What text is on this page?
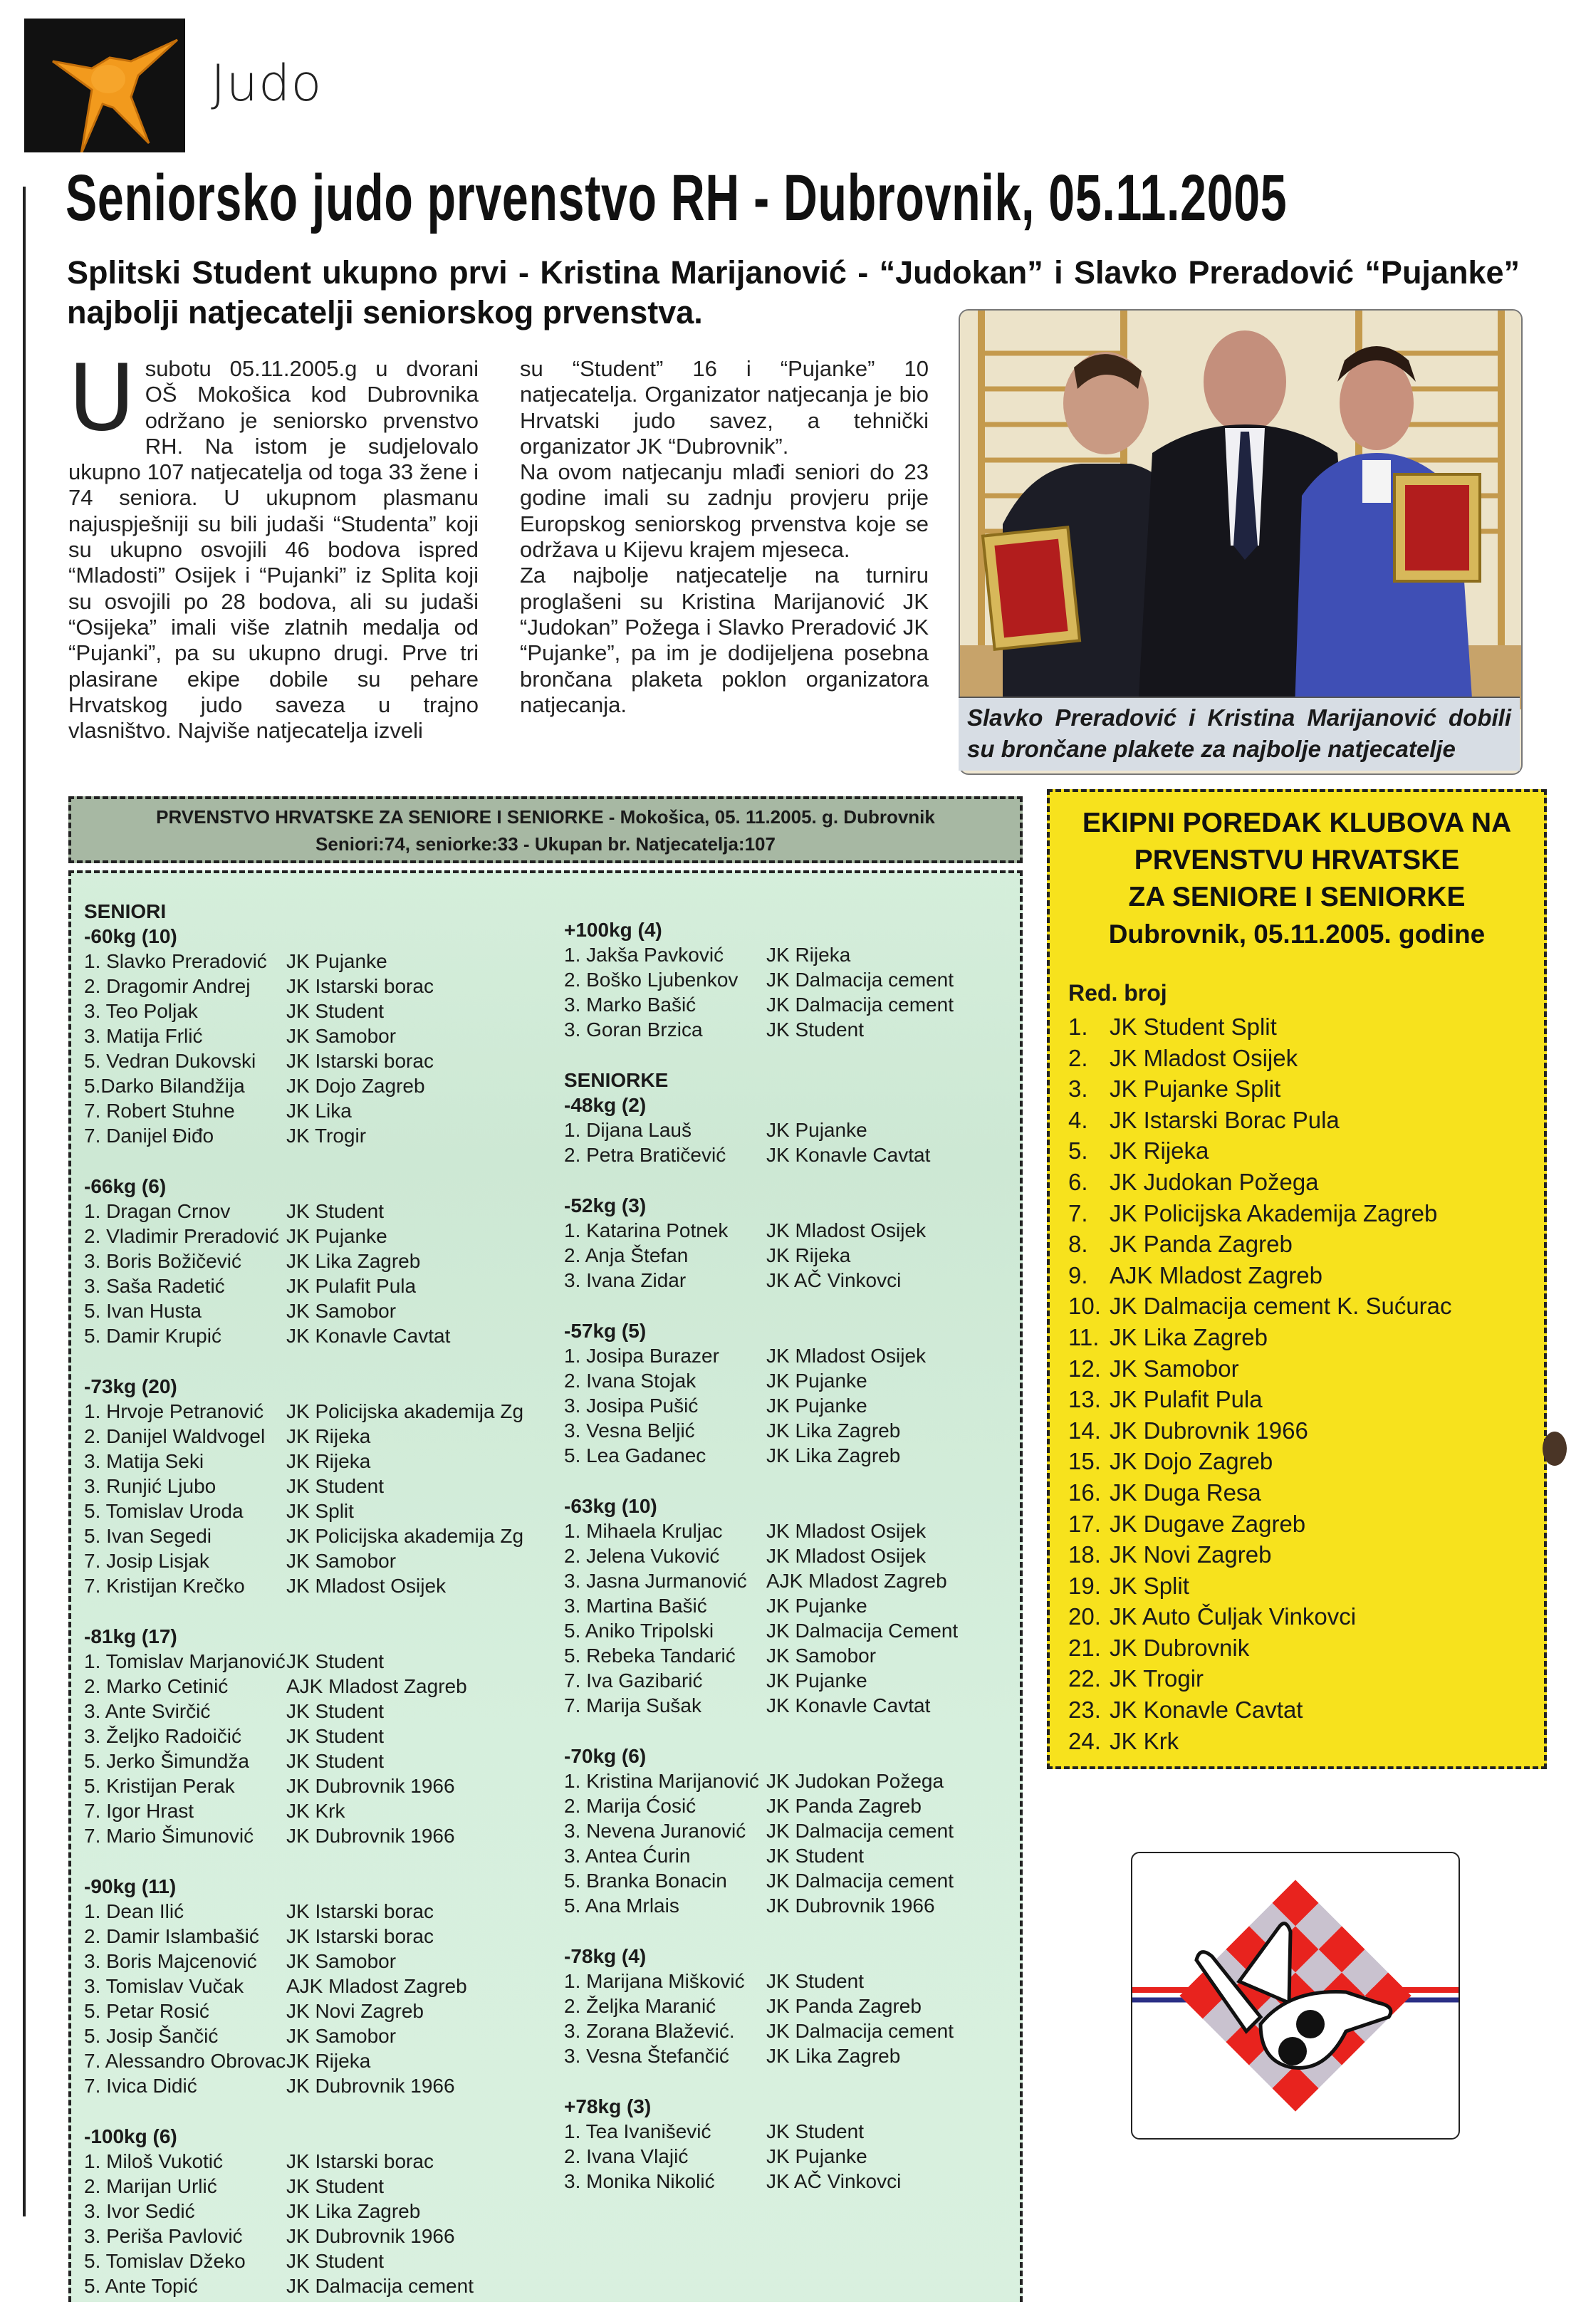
Judo
Seniorsko judo prvenstvo RH - Dubrovnik, 05.11.2005
Splitski Student ukupno prvi - Kristina Marijanović - “Judokan” i Slavko Preradović “Pujanke” najbolji natjecatelji seniorskog prvenstva.
U subotu 05.11.2005.g u dvorani OŠ Mokošica kod Dubrovnika održano je seniorsko prvenstvo RH. Na istom je sudjelovalo ukupno 107 natjecatelja od toga 33 žene i 74 seniora. U ukupnom plasmanu najuspješniji su bili judaši “Studenta” koji su ukupno osvojili 46 bodova ispred “Mladosti” Osijek i “Pujanki” iz Splita koji su osvojili po 28 bodova, ali su judaši “Osijeka” imali više zlatnih medalja od “Pujanki”, pa su ukupno drugi. Prve tri plasirane ekipe dobile su pehare Hrvatskog judo saveza u trajno vlasništvo. Najviše natjecatelja izveli
su “Student” 16 i “Pujanke” 10 natjecatelja. Organizator natjecanja je bio Hrvatski judo savez, a tehnički organizator JK “Dubrovnik”.
Na ovom natjecanju mlađi seniori do 23 godine imali su zadnju provjeru prije Europskog seniorskog prvenstva koje se održava u Kijevu krajem mjeseca.
Za najbolje natjecatelje na turniru proglašeni su Kristina Marijanović JK “Judokan” Požega i Slavko Preradović JK “Pujanke”, pa im je dodijeljena posebna brončana plaketa poklon organizatora natjecanja.	Slavko Preradović i Kristina Marijanović dobili su brončane plakete za najbolje natjecatelje
PRVENSTVO HRVATSKE ZA SENIORE I SENIORKE - Mokošica, 05. 11.2005. g. Dubrovnik
Seniori:74, seniorke:33 - Ukupan br. Natjecatelja:107
SENIORI
-60kg (10)
1. Slavko Preradović JK Pujanke
2. Dragomir Andrej	JK Istarski borac
3. Teo Poljak	JK Student
3. Matija Frlić	JK Samobor
5. Vedran Dukovski	JK Istarski borac
5.Darko Bilandžija	JK Dojo Zagreb
7. Robert Stuhne	JK Lika
7. Danijel Điđo	JK Trogir
-66kg (6)
1. Dragan Crnov	JK Student
2. Vladimir Preradović JK Pujanke
3. Boris Božičević	JK Lika Zagreb
3. Saša Radetić	JK Pulafit Pula
5. Ivan Husta	JK Samobor
5. Damir Krupić	JK Konavle Cavtat
-73kg (20)
1. Hrvoje Petranović	JK Policijska akademija Zg
2. Danijel Waldvogel	JK Rijeka
3. Matija Seki	JK Rijeka
3. Runjić Ljubo	JK Student
5. Tomislav Uroda	JK Split
5. Ivan Segedi	JK Policijska akademija Zg
7. Josip Lisjak	JK Samobor
7. Kristijan Krečko	JK Mladost Osijek
-81kg (17)
1. Tomislav Marjanović JK Student
2. Marko Cetinić	AJK Mladost Zagreb
3. Ante Svirčić	JK Student
3. Željko Radoičić	JK Student
5. Jerko Šimundža	JK Student
5. Kristijan Perak	JK Dubrovnik 1966
7. Igor Hrast	JK Krk
7. Mario Šimunović	JK Dubrovnik 1966
-90kg (11)
1. Dean Ilić	JK Istarski borac
2. Damir Islambašić	JK Istarski borac
3. Boris Majcenović	JK Samobor
3. Tomislav Vučak	AJK Mladost Zagreb
5. Petar Rosić	JK Novi Zagreb
5. Josip Šančić	JK Samobor
7. Alessandro Obrovac JK Rijeka
7. Ivica Didić	JK Dubrovnik 1966
-100kg (6)
1. Miloš Vukotić	JK Istarski borac
2. Marijan Urlić	JK Student
3. Ivor Sedić	JK Lika Zagreb
3. Periša Pavlović	JK Dubrovnik 1966
5. Tomislav Džeko	JK Student
5. Ante Topić	JK Dalmacija cement
+100kg (4)
1. Jakša Pavković	JK Rijeka
2. Boško Ljubenkov	JK Dalmacija cement
3. Marko Bašić	JK Dalmacija cement
3. Goran Brzica	JK Student
SENIORKE
-48kg (2)
1. Dijana Lauš	JK Pujanke
2. Petra Bratičević	JK Konavle Cavtat
-52kg (3)
1. Katarina Potnek	JK Mladost Osijek
2. Anja Štefan	JK Rijeka
3. Ivana Zidar	JK AČ Vinkovci
-57kg (5)
1. Josipa Burazer	JK Mladost Osijek
2. Ivana Stojak	JK Pujanke
3. Josipa Pušić	JK Pujanke
3. Vesna Beljić	JK Lika Zagreb
5. Lea Gadanec	JK Lika Zagreb
-63kg (10)
1. Mihaela Kruljac	JK Mladost Osijek
2. Jelena Vuković	JK Mladost Osijek
3. Jasna Jurmanović AJK Mladost Zagreb
3. Martina Bašić	JK Pujanke
5. Aniko Tripolski	JK Dalmacija Cement
5. Rebeka Tandarić	JK Samobor
7. Iva Gazibarić	JK Pujanke
7. Marija Sušak	JK Konavle Cavtat
-70kg (6)
1. Kristina Marijanović JK Judokan Požega
2. Marija Ćosić	JK Panda Zagreb
3. Nevena Juranović	JK Dalmacija cement
3. Antea Ćurin	JK Student
5. Branka Bonacin	JK Dalmacija cement
5. Ana Mrlais	JK Dubrovnik 1966
-78kg (4)
1. Marijana Mišković	JK Student
2. Željka Maranić	JK Panda Zagreb
3. Zorana Blažević.	JK Dalmacija cement
3. Vesna Štefančić	JK Lika Zagreb
+78kg (3)
1. Tea Ivanišević	JK Student
2. Ivana Vlajić	JK Pujanke
3. Monika Nikolić	JK AČ Vinkovci
EKIPNI POREDAK KLUBOVA NA
PRVENSTVU HRVATSKE
ZA SENIORE I SENIORKE
Dubrovnik, 05.11.2005. godine
Red. broj
1. JK Student Split
2. JK Mladost Osijek
3. JK Pujanke Split
4. JK Istarski Borac Pula
5. JK Rijeka
6. JK Judokan Požega
7. JK Policijska Akademija Zagreb
8. JK Panda Zagreb
9. AJK Mladost Zagreb
10. JK Dalmacija cement K. Sućurac
11. JK Lika Zagreb
12. JK Samobor
13. JK Pulafit Pula
14. JK Dubrovnik 1966
15. JK Dojo Zagreb
16. JK Duga Resa
17. JK Dugave Zagreb
18. JK Novi Zagreb
19. JK Split
20. JK Auto Čuljak Vinkovci
21. JK Dubrovnik
22. JK Trogir
23. JK Konavle Cavtat
24. JK Krk
